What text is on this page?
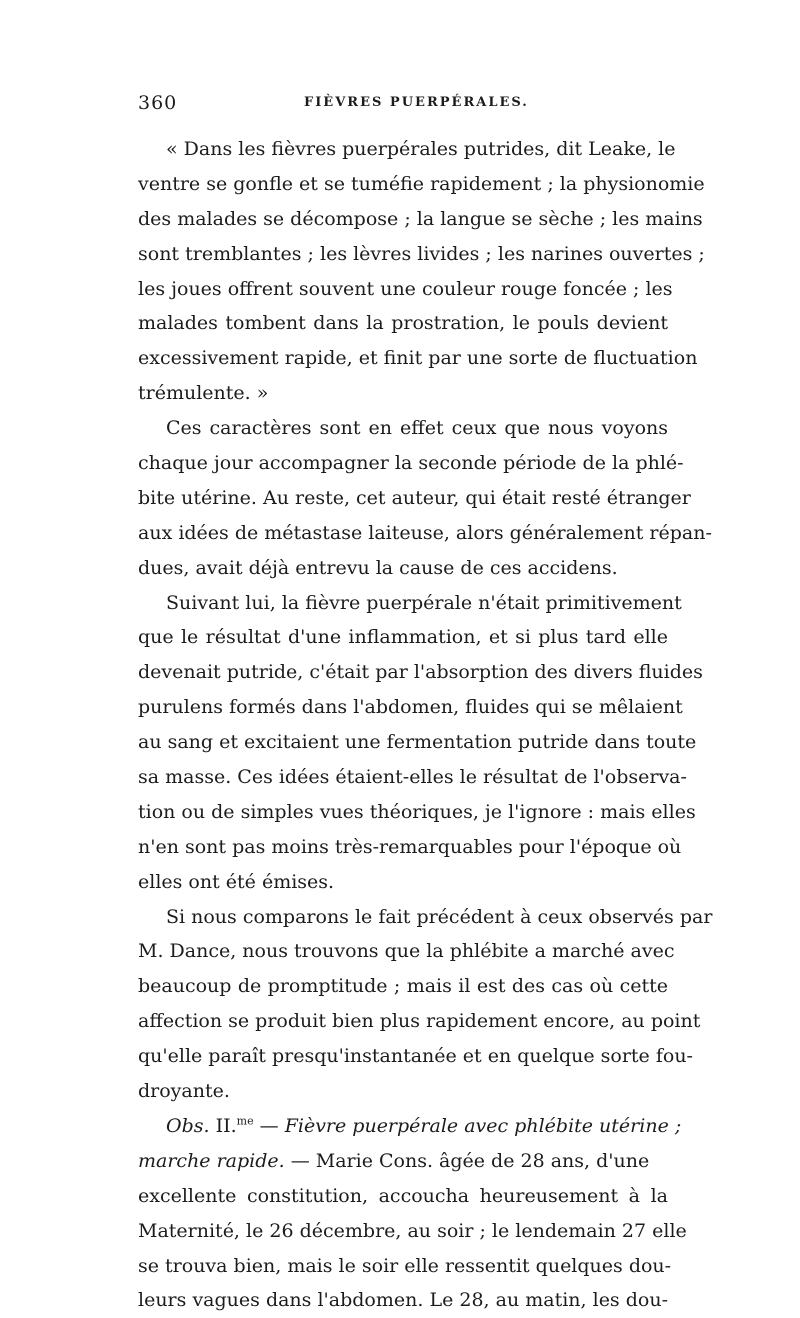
360	FIÈVRES PUERPÉRALES.
« Dans les fièvres puerpérales putrides, dit Leake, le
ventre se gonfle et se tuméfie rapidement ; la physionomie
des malades se décompose ; la langue se sèche ; les mains
sont tremblantes ; les lèvres livides ; les narines ouvertes ;
les joues offrent souvent une couleur rouge foncée ; les
malades tombent dans la prostration, le pouls devient
excessivement rapide, et finit par une sorte de fluctuation
trémulente. »
Ces caractères sont en effet ceux que nous voyons
chaque jour accompagner la seconde période de la phlé-
bite utérine. Au reste, cet auteur, qui était resté étranger
aux idées de métastase laiteuse, alors généralement répan-
dues, avait déjà entrevu la cause de ces accidens.
Suivant lui, la fièvre puerpérale n'était primitivement
que le résultat d'une inflammation, et si plus tard elle
devenait putride, c'était par l'absorption des divers fluides
purulens formés dans l'abdomen, fluides qui se mêlaient
au sang et excitaient une fermentation putride dans toute
sa masse. Ces idées étaient-elles le résultat de l'observa-
tion ou de simples vues théoriques, je l'ignore : mais elles
n'en sont pas moins très-remarquables pour l'époque où
elles ont été émises.
Si nous comparons le fait précédent à ceux observés par
M. Dance, nous trouvons que la phlébite a marché avec
beaucoup de promptitude ; mais il est des cas où cette
affection se produit bien plus rapidement encore, au point
qu'elle paraît presqu'instantanée et en quelque sorte fou-
droyante.
Obs. II.$^{me}$ — Fièvre puerpérale avec phlébite utérine ;
marche rapide. — Marie Cons. âgée de 28 ans, d'une
excellente constitution, accoucha heureusement à la
Maternité, le 26 décembre, au soir ; le lendemain 27 elle
se trouva bien, mais le soir elle ressentit quelques dou-
leurs vagues dans l'abdomen. Le 28, au matin, les dou-
